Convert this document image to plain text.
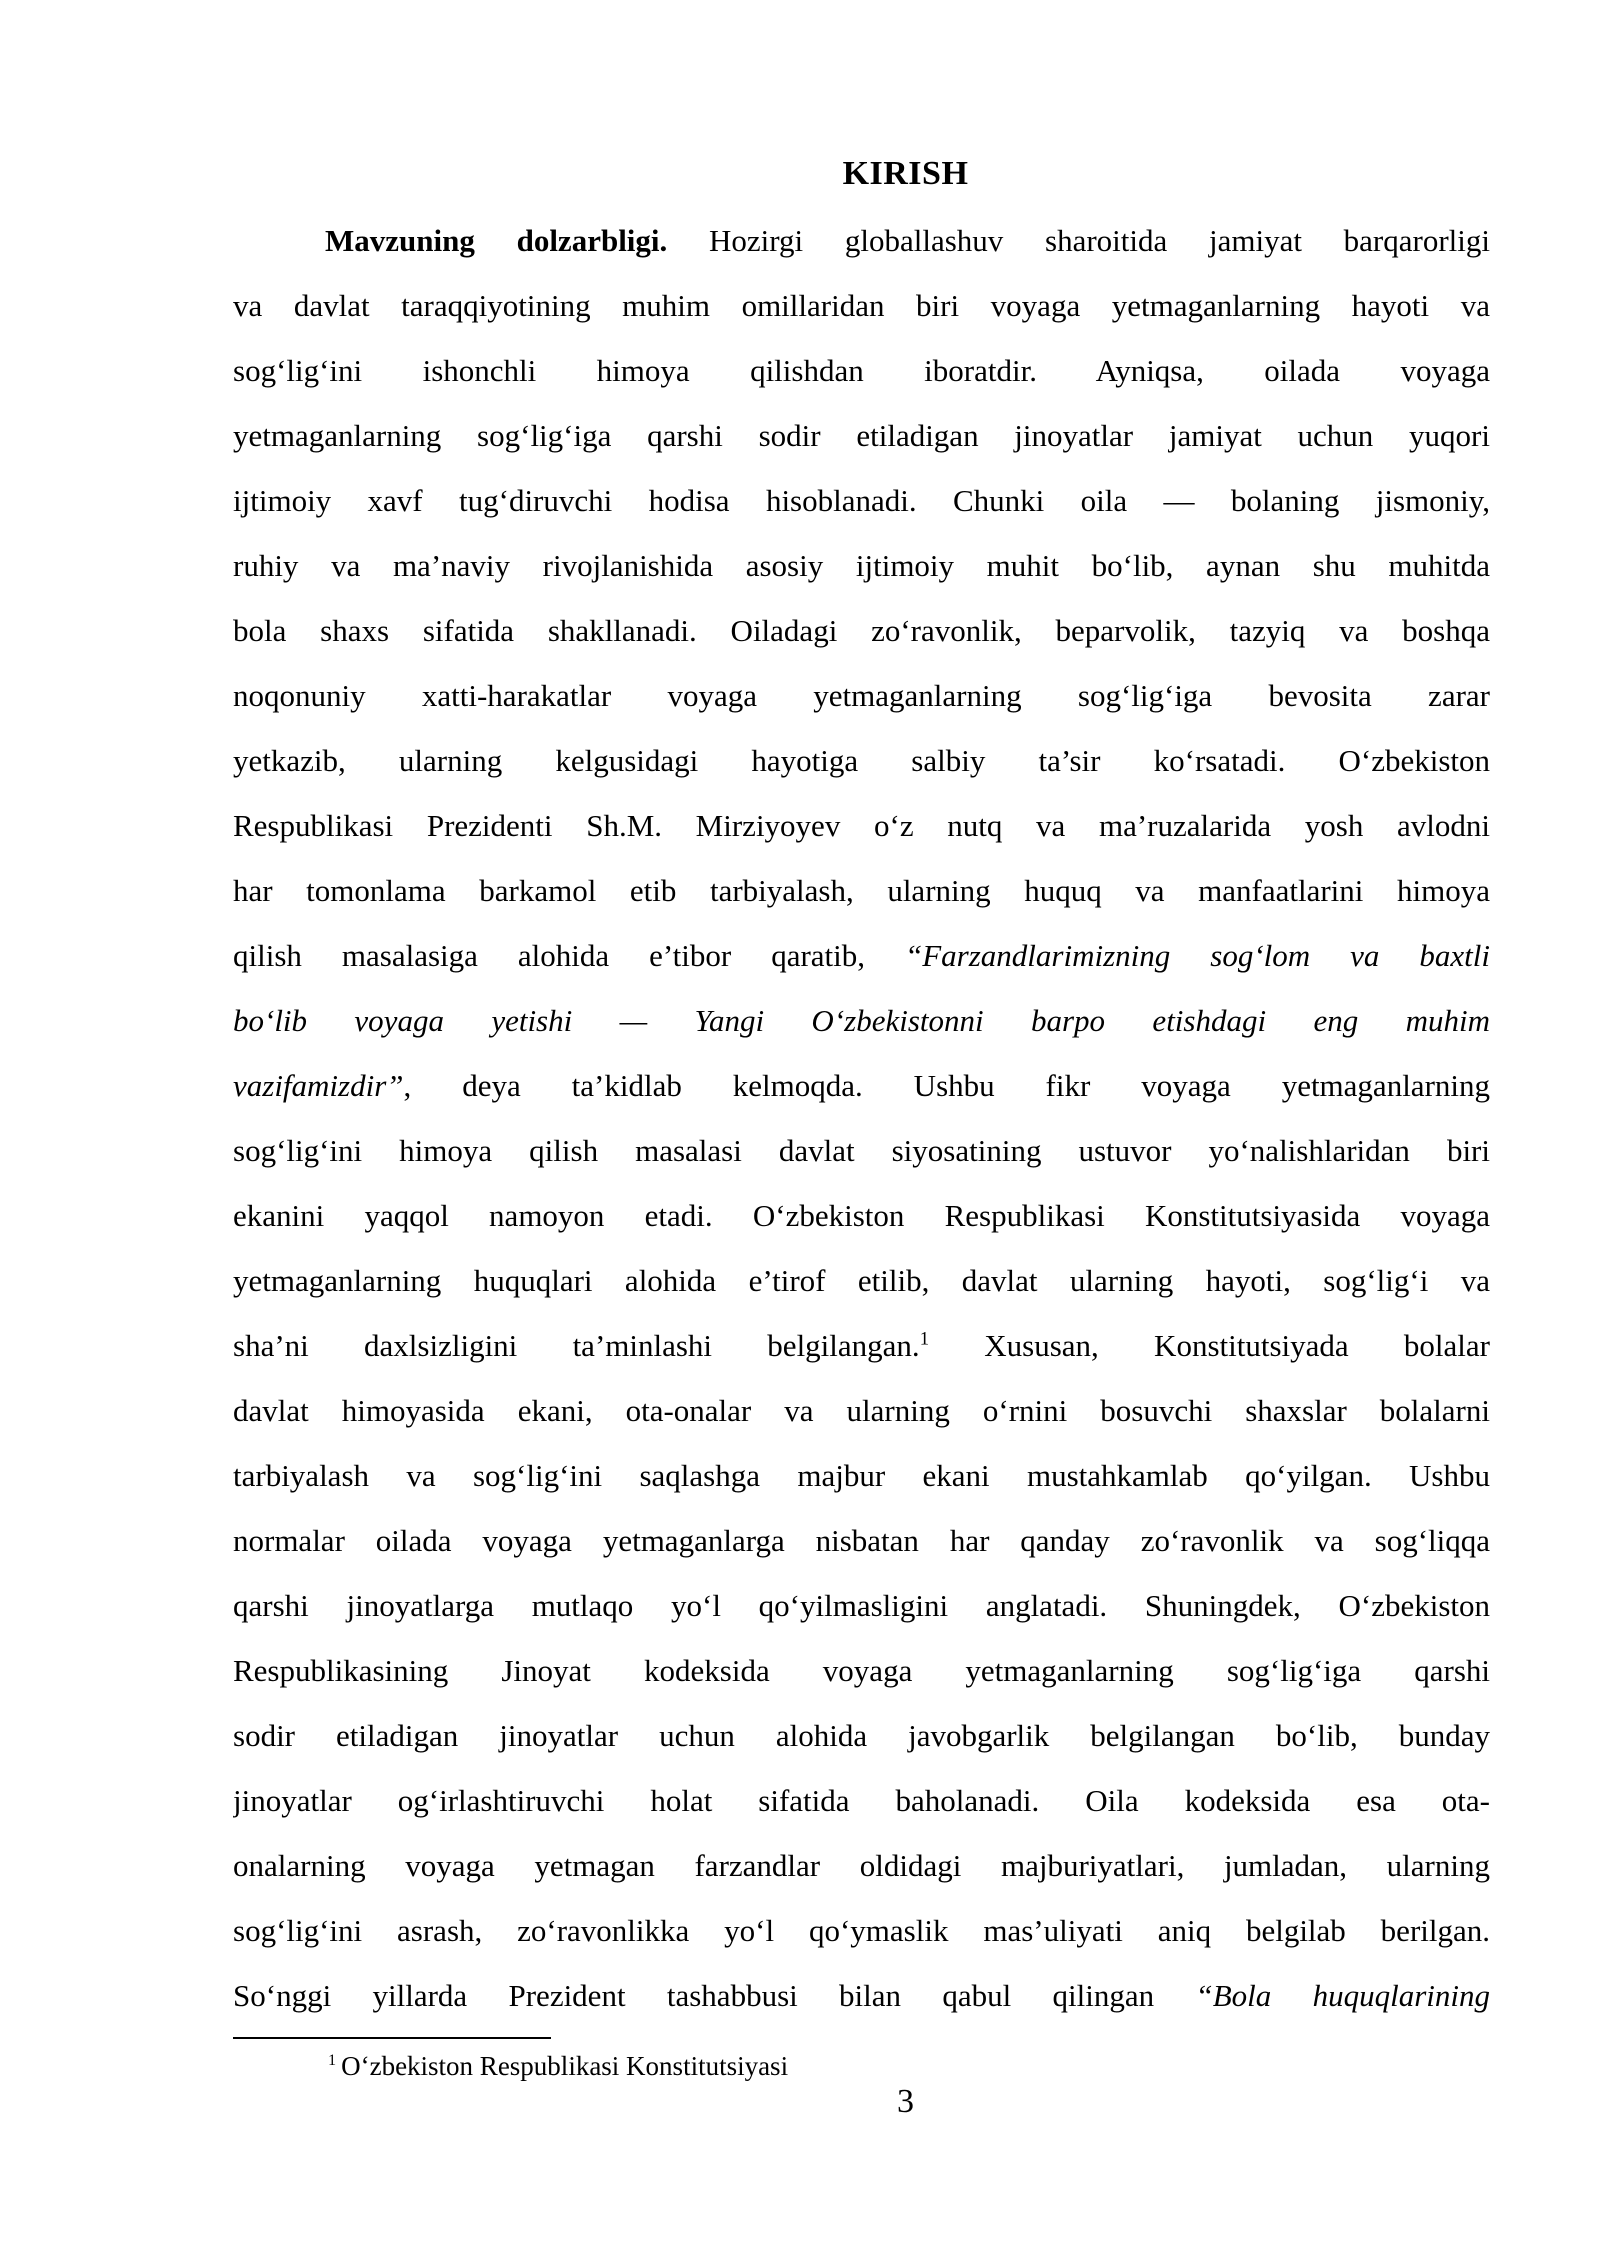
KIRISH
Mavzuning dolzarbligi. Hozirgi globallashuv sharoitida jamiyat barqarorligi
va davlat taraqqiyotining muhim omillaridan biri voyaga yetmaganlarning hayoti va
sog‘lig‘ini ishonchli himoya qilishdan iboratdir. Ayniqsa, oilada voyaga
yetmaganlarning sog‘lig‘iga qarshi sodir etiladigan jinoyatlar jamiyat uchun yuqori
ijtimoiy xavf tug‘diruvchi hodisa hisoblanadi. Chunki oila — bolaning jismoniy,
ruhiy va ma’naviy rivojlanishida asosiy ijtimoiy muhit bo‘lib, aynan shu muhitda
bola shaxs sifatida shakllanadi. Oiladagi zo‘ravonlik, beparvolik, tazyiq va boshqa
noqonuniy xatti-harakatlar voyaga yetmaganlarning sog‘lig‘iga bevosita zarar
yetkazib, ularning kelgusidagi hayotiga salbiy ta’sir ko‘rsatadi. O‘zbekiston
Respublikasi Prezidenti Sh.M. Mirziyoyev o‘z nutq va ma’ruzalarida yosh avlodni
har tomonlama barkamol etib tarbiyalash, ularning huquq va manfaatlarini himoya
qilish masalasiga alohida e’tibor qaratib, “Farzandlarimizning sog‘lom va baxtli
bo‘lib voyaga yetishi — Yangi O‘zbekistonni barpo etishdagi eng muhim
vazifamizdir”, deya ta’kidlab kelmoqda. Ushbu fikr voyaga yetmaganlarning
sog‘lig‘ini himoya qilish masalasi davlat siyosatining ustuvor yo‘nalishlaridan biri
ekanini yaqqol namoyon etadi. O‘zbekiston Respublikasi Konstitutsiyasida voyaga
yetmaganlarning huquqlari alohida e’tirof etilib, davlat ularning hayoti, sog‘lig‘i va
sha’ni daxlsizligini ta’minlashi belgilangan.$^1$ Xususan, Konstitutsiyada bolalar
davlat himoyasida ekani, ota-onalar va ularning o‘rnini bosuvchi shaxslar bolalarni
tarbiyalash va sog‘lig‘ini saqlashga majbur ekani mustahkamlab qo‘yilgan. Ushbu
normalar oilada voyaga yetmaganlarga nisbatan har qanday zo‘ravonlik va sog‘liqqa
qarshi jinoyatlarga mutlaqo yo‘l qo‘yilmasligini anglatadi. Shuningdek, O‘zbekiston
Respublikasining Jinoyat kodeksida voyaga yetmaganlarning sog‘lig‘iga qarshi
sodir etiladigan jinoyatlar uchun alohida javobgarlik belgilangan bo‘lib, bunday
jinoyatlar og‘irlashtiruvchi holat sifatida baholanadi. Oila kodeksida esa ota-
onalarning voyaga yetmagan farzandlar oldidagi majburiyatlari, jumladan, ularning
sog‘lig‘ini asrash, zo‘ravonlikka yo‘l qo‘ymaslik mas’uliyati aniq belgilab berilgan.
So‘nggi yillarda Prezident tashabbusi bilan qabul qilingan “Bola huquqlarining
$^1$ O‘zbekiston Respublikasi Konstitutsiyasi
3
